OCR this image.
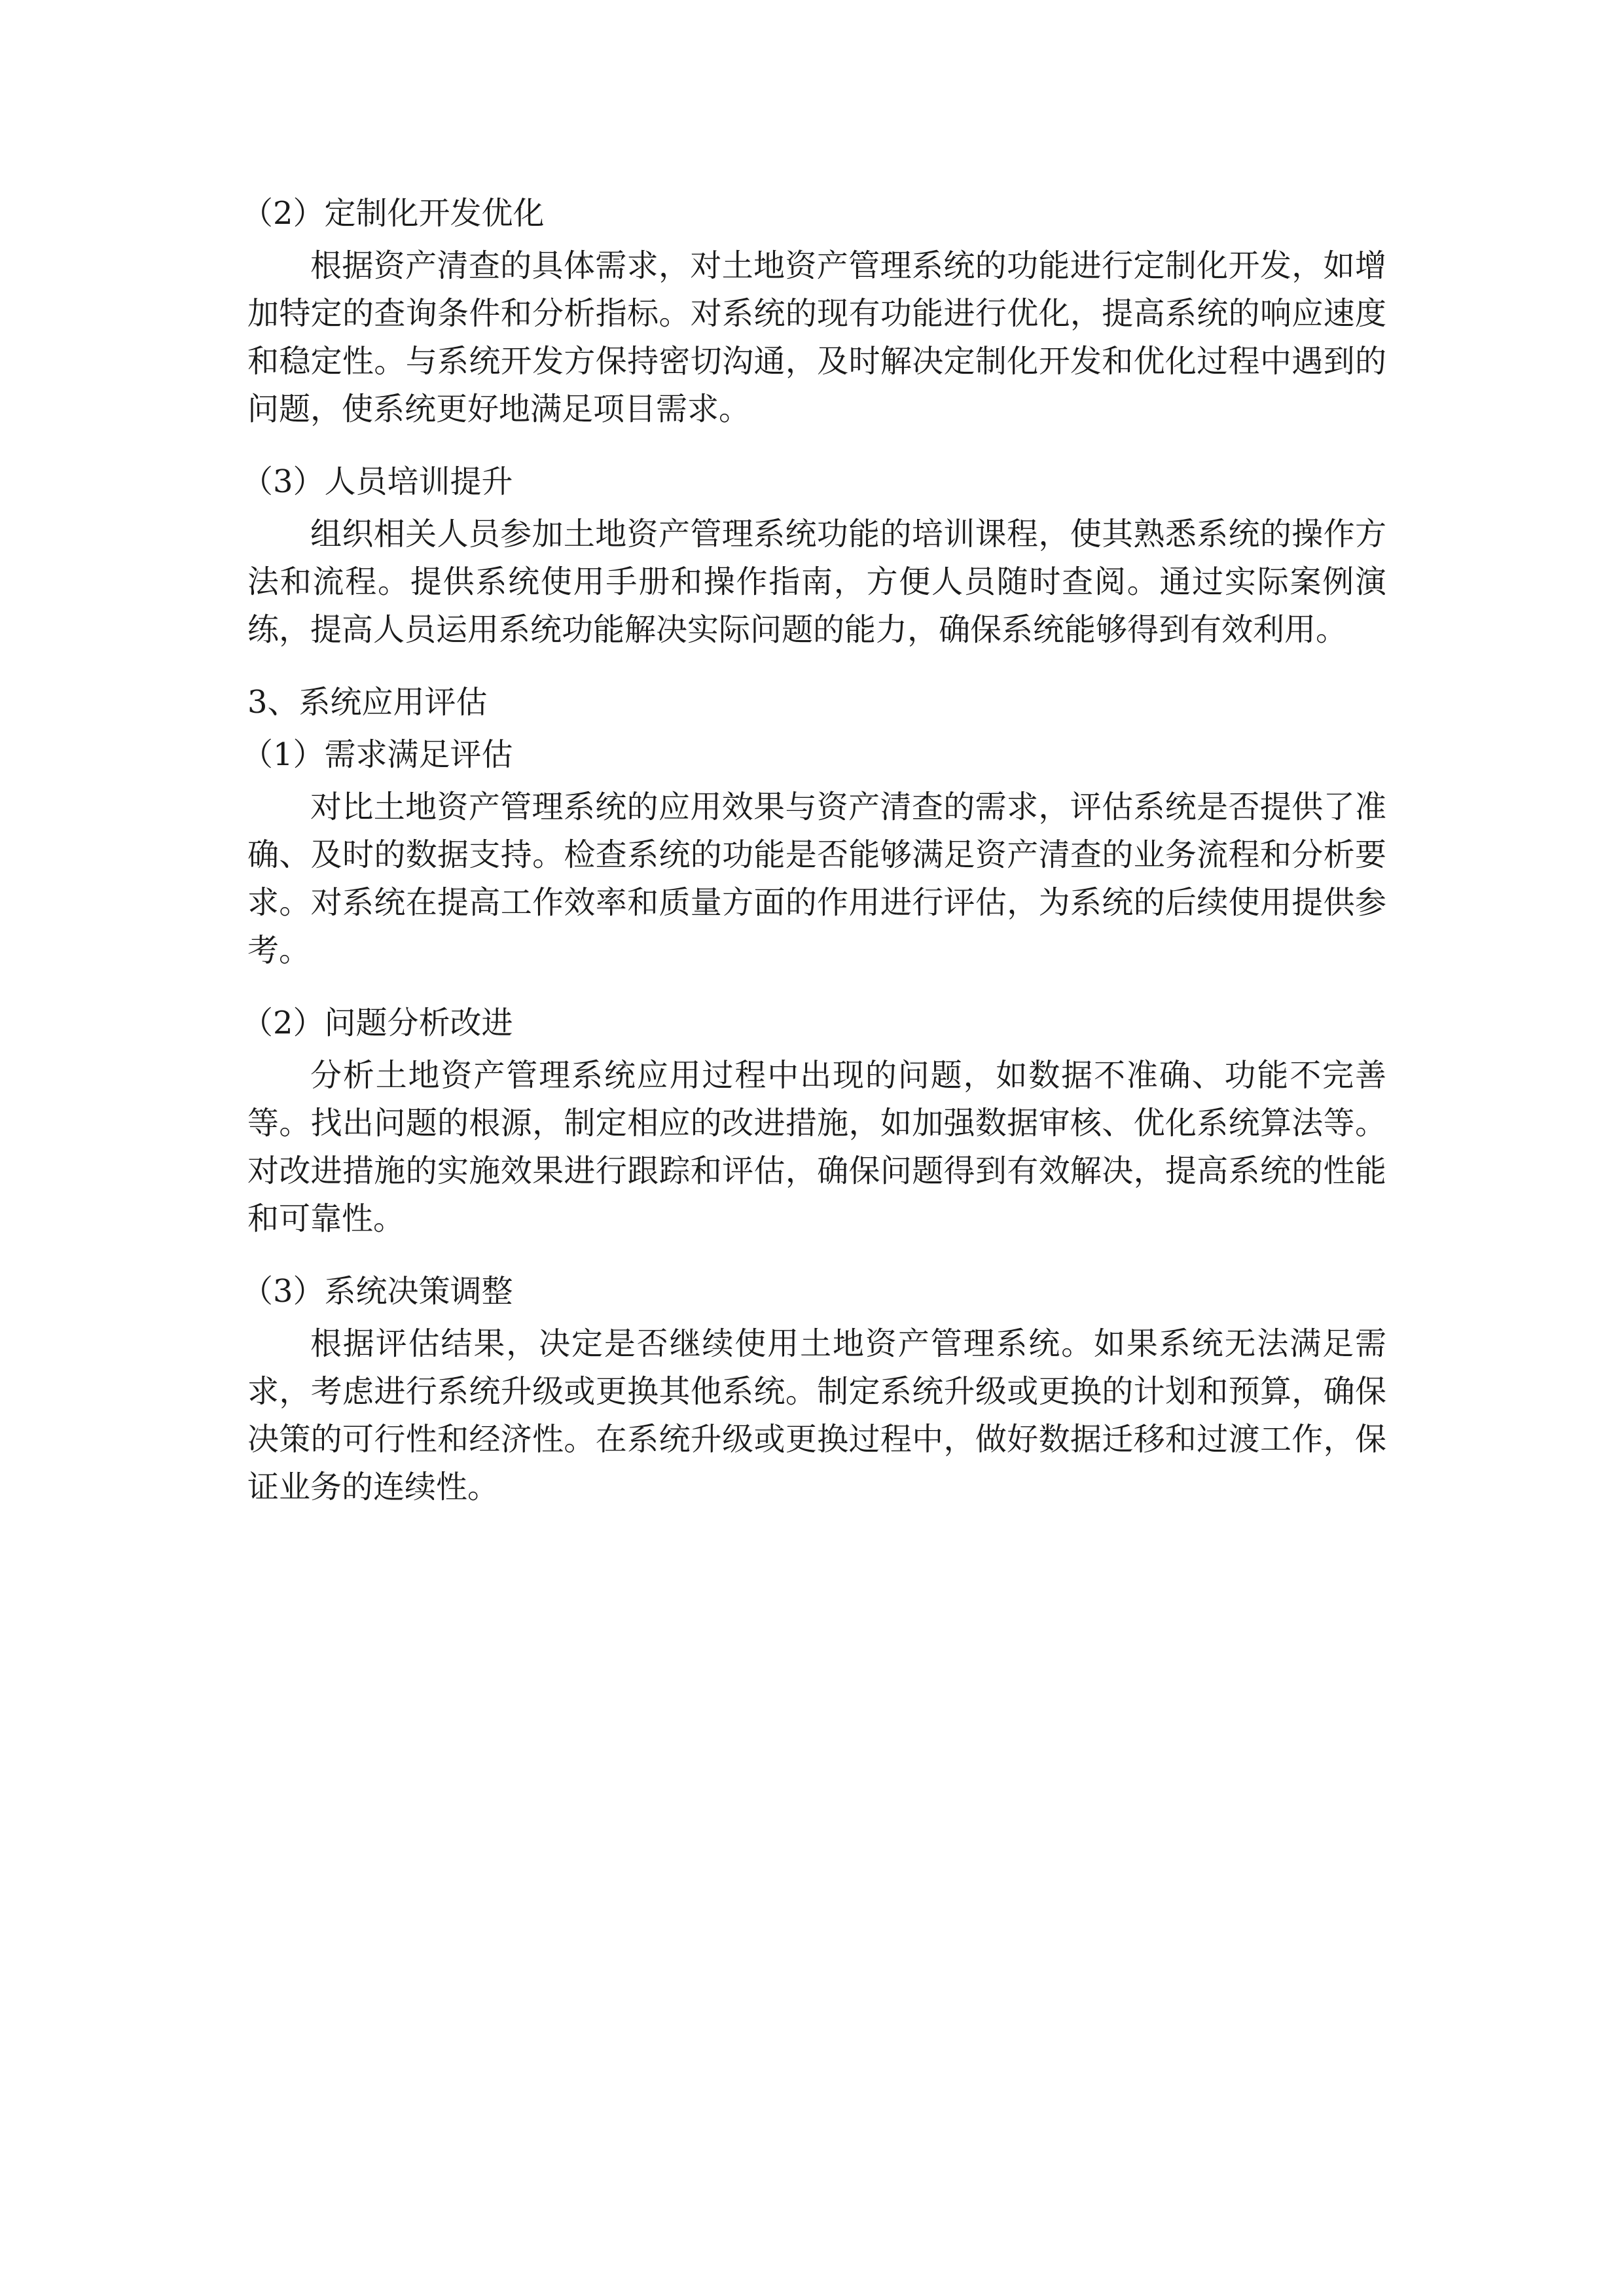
（2）定制化开发优化

根据资产清查的具体需求，对土地资产管理系统的功能进行定制化开发，如增加特定的查询条件和分析指标。对系统的现有功能进行优化，提高系统的响应速度和稳定性。与系统开发方保持密切沟通，及时解决定制化开发和优化过程中遇到的问题，使系统更好地满足项目需求。

（3）人员培训提升

组织相关人员参加土地资产管理系统功能的培训课程，使其熟悉系统的操作方法和流程。提供系统使用手册和操作指南，方便人员随时查阅。通过实际案例演练，提高人员运用系统功能解决实际问题的能力，确保系统能够得到有效利用。

3、系统应用评估

（1）需求满足评估

对比土地资产管理系统的应用效果与资产清查的需求，评估系统是否提供了准确、及时的数据支持。检查系统的功能是否能够满足资产清查的业务流程和分析要求。对系统在提高工作效率和质量方面的作用进行评估，为系统的后续使用提供参考。

（2）问题分析改进

分析土地资产管理系统应用过程中出现的问题，如数据不准确、功能不完善等。找出问题的根源，制定相应的改进措施，如加强数据审核、优化系统算法等。对改进措施的实施效果进行跟踪和评估，确保问题得到有效解决，提高系统的性能和可靠性。

（3）系统决策调整

根据评估结果，决定是否继续使用土地资产管理系统。如果系统无法满足需求，考虑进行系统升级或更换其他系统。制定系统升级或更换的计划和预算，确保决策的可行性和经济性。在系统升级或更换过程中，做好数据迁移和过渡工作，保证业务的连续性。
